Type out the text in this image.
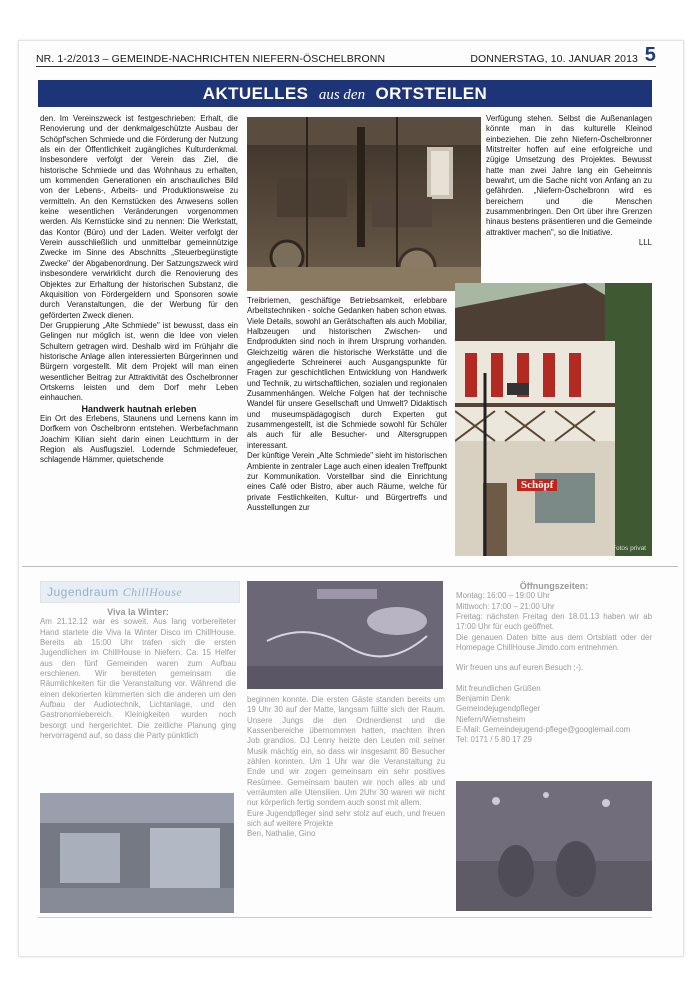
NR. 1-2/2013 – GEMEINDE-NACHRICHTEN NIEFERN-ÖSCHELBRONN	DONNERSTAG, 10. JANUAR 2013 5
AKTUELLES aus den ORTSTEILEN

den. Im Vereinszweck ist festgeschrieben: Erhalt, die Renovierung und der denkmalgeschützte Ausbau der Schöpf'schen Schmiede und die Förderung der Nutzung als ein der Öffentlichkeit zugängliches Kulturdenkmal. Insbesondere verfolgt der Verein das Ziel, die historische Schmiede und das Wohnhaus zu erhalten, um kommenden Generationen ein anschauliches Bild von der Lebens-, Arbeits- und Produktionsweise zu vermitteln. An den Kernstücken des Anwesens sollen keine wesentlichen Veränderungen vorgenommen werden. Als Kernstücke sind zu nennen: Die Werkstatt, das Kontor (Büro) und der Laden. Weiter verfolgt der Verein ausschließlich und unmittelbar gemeinnützige Zwecke im Sinne des Abschnitts „Steuerbegünstigte Zwecke" der Abgabenordnung. Der Satzungszweck wird insbesondere verwirklicht durch die Renovierung des Objektes zur Erhaltung der historischen Substanz, die Akquisition von Fördergeldern und Sponsoren sowie durch Veranstaltungen, die der Werbung für den geförderten Zweck dienen.

Der Gruppierung „Alte Schmiede" ist bewusst, dass ein Gelingen nur möglich ist, wenn die Idee von vielen Schultern getragen wird. Deshalb wird im Frühjahr die historische Anlage allen interessierten Bürgerinnen und Bürgern vorgestellt. Mit dem Projekt will man einen wesentlicher Beitrag zur Attraktivität des Öschelbronner Ortskerns leisten und dem Dorf mehr Leben einhauchen.

Handwerk hautnah erleben

Ein Ort des Erlebens, Staunens und Lernens kann im Dorfkern von Öschelbronn entstehen. Werbefachmann Joachim Kilian sieht darin einen Leuchtturm in der Region als Ausflugsziel. Lodernde Schmiedefeuer, schlagende Hämmer, quietschende

Verfügung stehen. Selbst die Außenanlagen könnte man in das kulturelle Kleinod einbeziehen. Die zehn Niefern-Öschelbronner Mitstreiter hoffen auf eine erfolgreiche und zügige Umsetzung des Projektes. Bewusst hatte man zwei Jahre lang ein Geheimnis bewahrt, um die Sache nicht von Anfang an zu gefährden. „Niefern-Öschelbronn wird es bereichern und die Menschen zusammenbringen. Den Ort über ihre Grenzen hinaus bestens präsentieren und die Gemeinde attraktiver machen", so die Initiative.

LLL

Treibriemen, geschäftige Betriebsamkeit, erlebbare Arbeitstechniken - solche Gedanken haben schon etwas. Viele Details, sowohl an Gerätschaften als auch Mobiliar, Halbzeugen und historischen Zwischen- und Endprodukten sind noch in ihrem Ursprung vorhanden. Gleichzeitig wären die historische Werkstätte und die angegliederte Schreinerei auch Ausgangspunkte für Fragen zur geschichtlichen Entwicklung von Handwerk und Technik, zu wirtschaftlichen, sozialen und regionalen Zusammenhängen. Welche Folgen hat der technische Wandel für unsere Gesellschaft und Umwelt? Didaktisch und museumspädagogisch durch Experten gut zusammengestellt, ist die Schmiede sowohl für Schüler als auch für alle Besucher- und Altersgruppen interessant.

Der künftige Verein „Alte Schmiede" sieht im historischen Ambiente in zentraler Lage auch einen idealen Treffpunkt zur Kommunikation. Vorstellbar sind die Einrichtung eines Café oder Bistro, aber auch Räume, welche für private Festlichkeiten, Kultur- und Bürgertreffs und Ausstellungen zur

Schöpf
Fotos privat
Jugendraum ChillHouse

Viva la Winter:

Am 21.12.12 war es soweit. Aus lang vorbereiteter Hand startete die Viva la Winter Disco im ChillHouse. Bereits ab 15:00 Uhr trafen sich die ersten Jugendlichen im ChillHouse in Niefern. Ca. 15 Helfer aus den fünf Gemeinden waren zum Aufbau erschienen. Wir bereiteten gemeinsam die Räumlichkeiten für die Veranstaltung vor. Während die einen dekorierten kümmerten sich die anderen um den Aufbau der Audiotechnik, Lichtanlage, und den Gastronomiebereich. Kleinigkeiten wurden noch besorgt und hergerichtet. Die zeitliche Planung ging hervorragend auf, so dass die Party pünktlich

beginnen konnte. Die ersten Gäste standen bereits um 19 Uhr 30 auf der Matte, langsam füllte sich der Raum. Unsere Jungs die den Ordnerdienst und die Kassenbereiche übernommen hatten, machten ihren Job grandios. DJ Lenny heizte den Leuten mit seiner Musik mächtig ein, so dass wir insgesamt 80 Besucher zählen konnten. Um 1 Uhr war die Veranstaltung zu Ende und wir zogen gemeinsam ein sehr positives Resümee. Gemeinsam bauten wir noch alles ab und verräumten alle Utensilien. Um 2Uhr 30 waren wir nicht nur körperlich fertig sondern auch sonst mit allem.

Eure Jugendpfleger sind sehr stolz auf euch, und freuen sich auf weitere Projekte

Ben, Nathalie, Gino

Öffnungszeiten:

Montag: 16:00 – 19:00 Uhr

Mittwoch: 17:00 – 21:00 Uhr

Freitag: nächsten Freitag den 18.01.13 haben wir ab 17:00 Uhr für euch geöffnet.

Die genauen Daten bitte aus dem Ortsblatt oder der Homepage ChillHouse.Jimdo.com entnehmen.

Wir freuen uns auf euren Besuch ;-).

Mit freundlichen Grüßen

Benjamin Denk

Gemeindejugendpfleger

Niefern/Wiernsheim

E-Mail: Gemeindejugend-pflege@googlemail.com

Tel: 0171 / 5 80 17 29
